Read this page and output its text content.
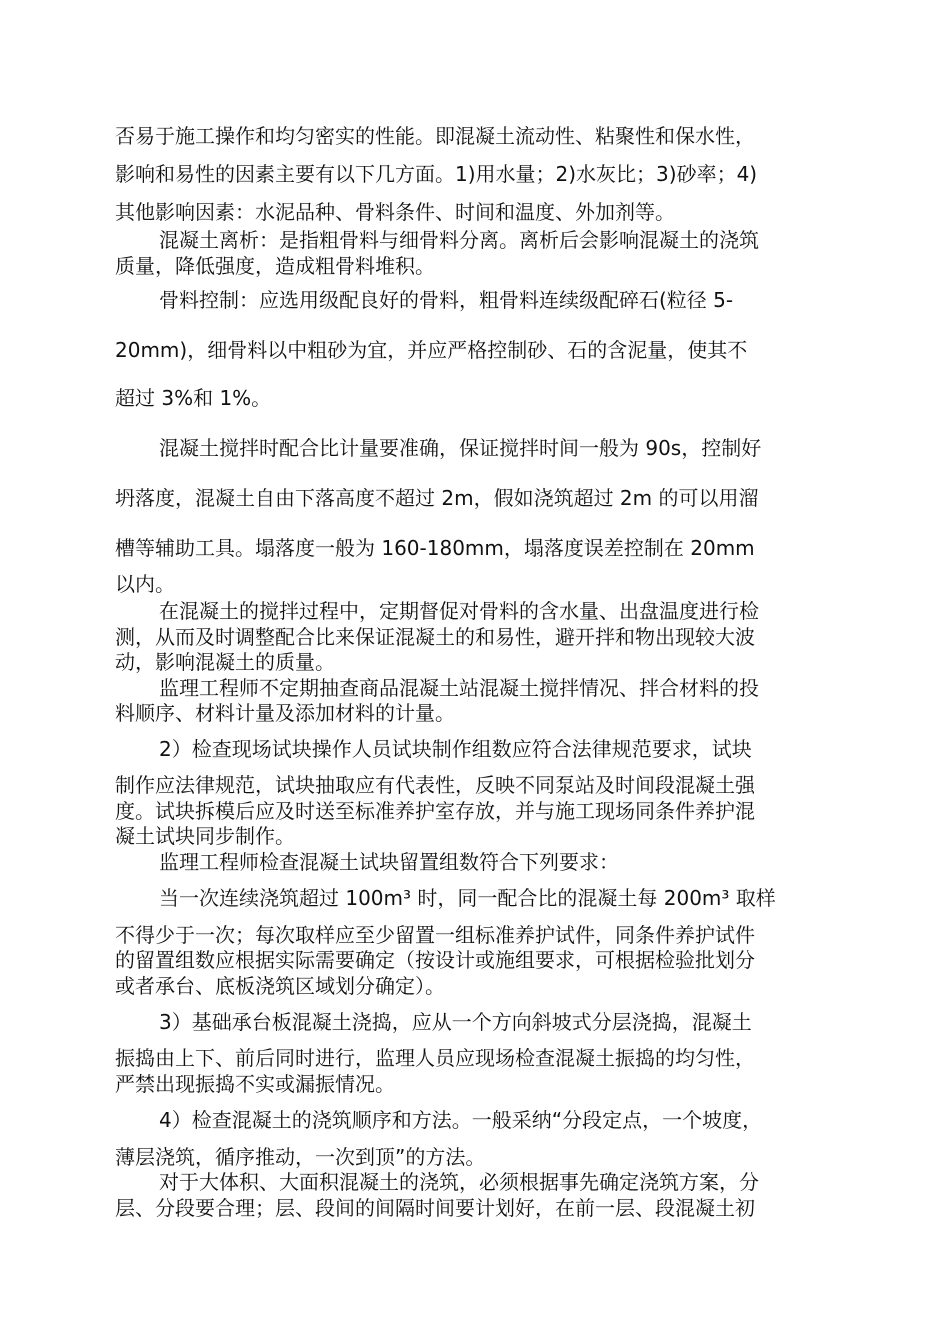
否易于施工操作和均匀密实的性能。即混凝土流动性、粘聚性和保水性，
影响和易性的因素主要有以下几方面。1)用水量；2)水灰比；3)砂率；4)
其他影响因素：水泥品种、骨料条件、时间和温度、外加剂等。
混凝土离析：是指粗骨料与细骨料分离。离析后会影响混凝土的浇筑
质量，降低强度，造成粗骨料堆积。
骨料控制：应选用级配良好的骨料，粗骨料连续级配碎石(粒径 5-
20mm)，细骨料以中粗砂为宜，并应严格控制砂、石的含泥量，使其不
超过 3%和 1%。
混凝土搅拌时配合比计量要准确，保证搅拌时间一般为 90s，控制好
坍落度，混凝土自由下落高度不超过 2m，假如浇筑超过 2m 的可以用溜
槽等辅助工具。塌落度一般为 160-180mm，塌落度误差控制在 20mm
以内。
在混凝土的搅拌过程中，定期督促对骨料的含水量、出盘温度进行检
测，从而及时调整配合比来保证混凝土的和易性，避开拌和物出现较大波
动，影响混凝土的质量。
监理工程师不定期抽查商品混凝土站混凝土搅拌情况、拌合材料的投
料顺序、材料计量及添加材料的计量。
2）检查现场试块操作人员试块制作组数应符合法律规范要求，试块
制作应法律规范，试块抽取应有代表性，反映不同泵站及时间段混凝土强
度。试块拆模后应及时送至标准养护室存放，并与施工现场同条件养护混
凝土试块同步制作。
监理工程师检查混凝土试块留置组数符合下列要求：
当一次连续浇筑超过 100m³ 时，同一配合比的混凝土每 200m³ 取样
不得少于一次；每次取样应至少留置一组标准养护试件，同条件养护试件
的留置组数应根据实际需要确定（按设计或施组要求，可根据检验批划分
或者承台、底板浇筑区域划分确定）。
3）基础承台板混凝土浇捣，应从一个方向斜坡式分层浇捣，混凝土
振捣由上下、前后同时进行，监理人员应现场检查混凝土振捣的均匀性，
严禁出现振捣不实或漏振情况。
4）检查混凝土的浇筑顺序和方法。一般采纳“分段定点，一个坡度，
薄层浇筑，循序推动，一次到顶”的方法。
对于大体积、大面积混凝土的浇筑，必须根据事先确定浇筑方案，分
层、分段要合理；层、段间的间隔时间要计划好，在前一层、段混凝土初
